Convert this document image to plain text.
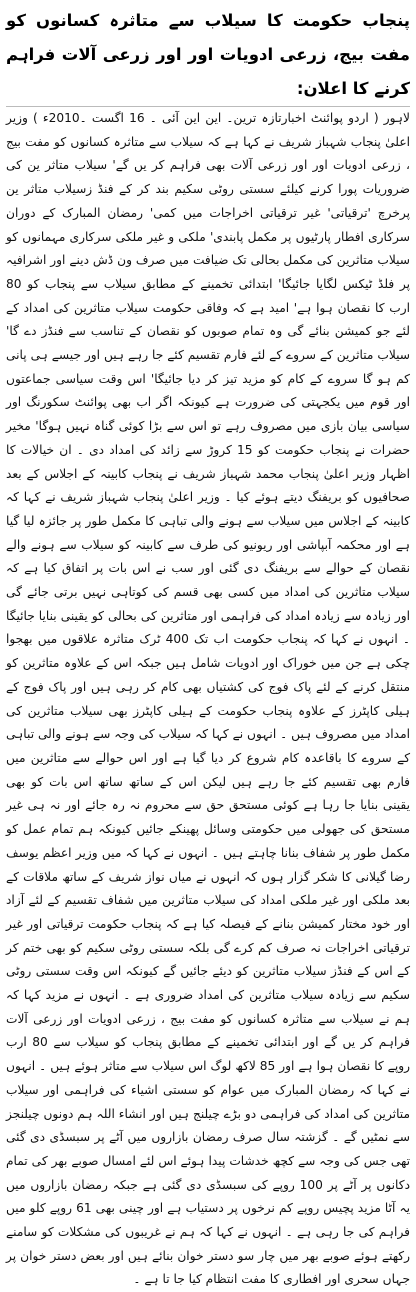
پنجاب حکومت کا سیلاب سے متاثرہ کسانوں کو مفت بیج، زرعی ادویات اور اور زرعی آلات فراہم کرنے کا اعلان:

لاہور ( اردو پوائنٹ اخبارتازہ ترین۔ این این آئی ۔ 16 اگست ۔2010ء ) وزیر اعلیٰ پنجاب شہباز شریف نے کہا ہے کہ سیلاب سے متاثرہ کسانوں کو مفت بیج ، زرعی ادویات اور اور زرعی آلات بھی فراہم کر یں گے' سیلاب متاثر ین کی ضروریات پورا کرنے کیلئے سستی روٹی سکیم بند کر کے فنڈ زسیلاب متاثر ین پرخرچ 'ترقیاتی' غیر ترقیاتی اخراجات میں کمی' رمضان المبارک کے دوران سرکاری افطار پارٹیوں پر مکمل پابندی' ملکی و غیر ملکی سرکاری مہمانوں کو سیلاب متاثرین کی مکمل بحالی تک ضیافت میں صرف ون ڈش دینے اور اشرافیہ پر فلڈ ٹیکس لگایا جائیگا' ابتدائی تخمینے کے مطابق سیلاب سے پنجاب کو 80 ارب کا نقصان ہوا ہے' امید ہے کہ وفاقی حکومت سیلاب متاثرین کی امداد کے لئے جو کمیشن بنائے گی وہ تمام صوبوں کو نقصان کے تناسب سے فنڈز دے گا' سیلاب متاثرین کے سروے کے لئے فارم تقسیم کئے جا رہے ہیں اور جیسے ہی پانی کم ہو گا سروے کے کام کو مزید تیز کر دیا جائیگا' اس وقت سیاسی جماعتوں اور قوم میں یکجہتی کی ضرورت ہے کیونکہ اگر اب بھی پوائنٹ سکورنگ اور سیاسی بیان بازی میں مصروف رہے تو اس سے بڑا کوئی گناہ نہیں ہوگا' مخیر حضرات نے پنجاب حکومت کو 15 کروڑ سے زائد کی امداد دی ۔ ان خیالات کا اظہار وزیر اعلیٰ پنجاب محمد شہباز شریف نے پنجاب کابینہ کے اجلاس کے بعد صحافیوں کو بریفنگ دیتے ہوئے کیا ۔ وزیر اعلیٰ پنجاب شہباز شریف نے کہا کہ کابینہ کے اجلاس میں سیلاب سے ہونے والی تباہی کا مکمل طور پر جائزہ لیا گیا ہے اور محکمہ آبپاشی اور ریونیو کی طرف سے کابینہ کو سیلاب سے ہونے والے نقصان کے حوالے سے بریفنگ دی گئی اور سب نے اس بات پر اتفاق کیا ہے کہ سیلاب متاثرین کی امداد میں کسی بھی قسم کی کوتاہی نہیں برتی جائے گی اور زیادہ سے زیادہ امداد کی فراہمی اور متاثرین کی بحالی کو یقینی بنایا جائیگا ۔ انہوں نے کہا کہ پنجاب حکومت اب تک 400 ٹرک متاثرہ علاقوں میں بھجوا چکی ہے جن میں خوراک اور ادویات شامل ہیں جبکہ اس کے علاوہ متاثرین کو منتقل کرنے کے لئے پاک فوج کی کشتیاں بھی کام کر رہی ہیں اور پاک فوج کے ہیلی کاپٹرز کے علاوہ پنجاب حکومت کے ہیلی کاپٹرز بھی سیلاب متاثرین کی امداد میں مصروف ہیں ۔ انہوں نے کہا کہ سیلاب کی وجہ سے ہونے والی تباہی کے سروے کا باقاعدہ کام شروع کر دیا گیا ہے اور اس حوالے سے متاثرین میں فارم بھی تقسیم کئے جا رہے ہیں لیکن اس کے ساتھ ساتھ اس بات کو بھی یقینی بنایا جا رہا ہے کوئی مستحق حق سے محروم نہ رہ جائے اور نہ ہی غیر مستحق کی جھولی میں حکومتی وسائل پھینکے جائیں کیونکہ ہم تمام عمل کو مکمل طور پر شفاف بنانا چاہتے ہیں ۔ انہوں نے کہا کہ میں وزیر اعظم یوسف رضا گیلانی کا شکر گزار ہوں کہ انہوں نے میاں نواز شریف کے ساتھ ملاقات کے بعد ملکی اور غیر ملکی امداد کی سیلاب متاثرین میں شفاف تقسیم کے لئے آزاد اور خود مختار کمیشن بنانے کے فیصلہ کیا ہے کہ پنجاب حکومت ترقیاتی اور غیر ترقیاتی اخراجات نہ صرف کم کرے گی بلکہ سستی روٹی سکیم کو بھی ختم کر کے اس کے فنڈز سیلاب متاثرین کو دیئے جائیں گے کیونکہ اس وقت سستی روٹی سکیم سے زیادہ سیلاب متاثرین کی امداد ضروری ہے ۔ انہوں نے مزید کہا کہ ہم نے سیلاب سے متاثرہ کسانوں کو مفت بیج ، زرعی ادویات اور زرعی آلات فراہم کر یں گے اور ابتدائی تخمینے کے مطابق پنجاب کو سیلاب سے 80 ارب روپے کا نقصان ہوا ہے اور 85 لاکھ لوگ اس سیلاب سے متاثر ہوئے ہیں ۔ انہوں نے کہا کہ رمضان المبارک میں عوام کو سستی اشیاء کی فراہمی اور سیلاب متاثرین کی امداد کی فراہمی دو بڑے چیلنج ہیں اور انشاء اللہ ہم دونوں چیلنجز سے نمٹیں گے ۔ گزشتہ سال صرف رمضان بازاروں میں آٹے پر سبسڈی دی گئی تھی جس کی وجہ سے کچھ خدشات پیدا ہوئے اس لئے امسال صوبے بھر کی تمام دکانوں پر آٹے پر 100 روپے کی سبسڈی دی گئی ہے جبکہ رمضان بازاروں میں یہ آٹا مزید پچیس روپے کم نرخوں پر دستیاب ہے اور چینی بھی 61 روپے کلو میں فراہم کی جا رہی ہے ۔ انہوں نے کہا کہ ہم نے غریبوں کی مشکلات کو سامنے رکھتے ہوئے صوبے بھر میں چار سو دستر خوان بنائے ہیں اور بعض دستر خوان پر جہاں سحری اور افطاری کا مفت انتظام کیا جا تا ہے ۔
